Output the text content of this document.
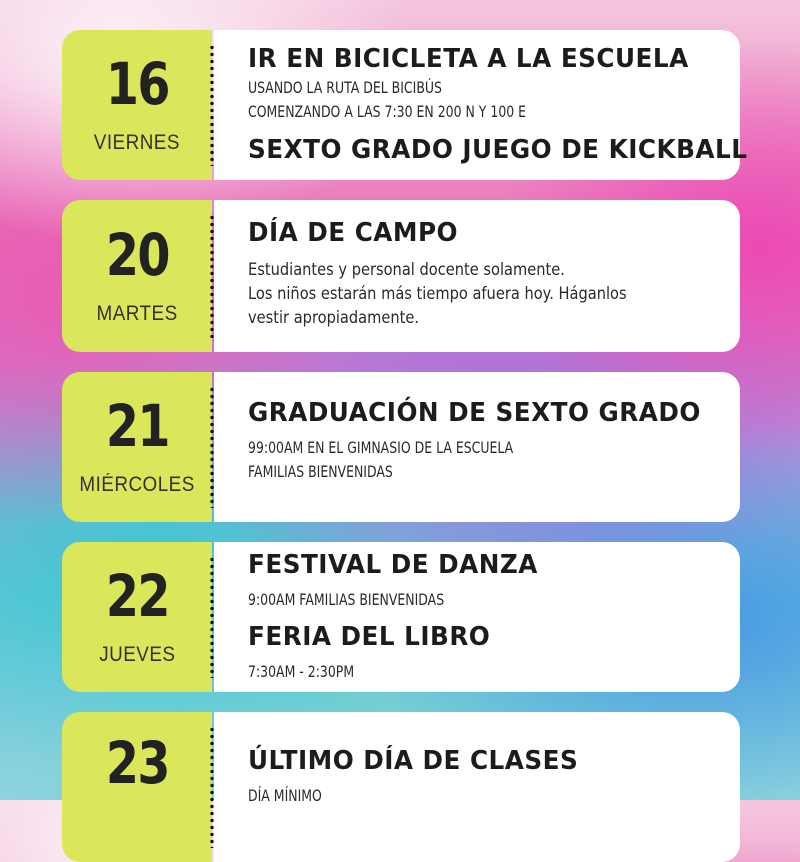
16
VIERNES
IR EN BICICLETA A LA ESCUELA
USANDO LA RUTA DEL BICIBÚS
COMENZANDO A LAS 7:30 EN 200 N Y 100 E
SEXTO GRADO JUEGO DE KICKBALL
20
MARTES
DÍA DE CAMPO
Estudiantes y personal docente solamente.
Los niños estarán más tiempo afuera hoy. Háganlos
vestir apropiadamente.
21
MIÉRCOLES
GRADUACIÓN DE SEXTO GRADO
99:00AM EN EL GIMNASIO DE LA ESCUELA
FAMILIAS BIENVENIDAS
22
JUEVES
FESTIVAL DE DANZA
9:00AM FAMILIAS BIENVENIDAS
FERIA DEL LIBRO
7:30AM - 2:30PM
23	ÚLTIMO DÍA DE CLASES
DÍA MÍNIMO
